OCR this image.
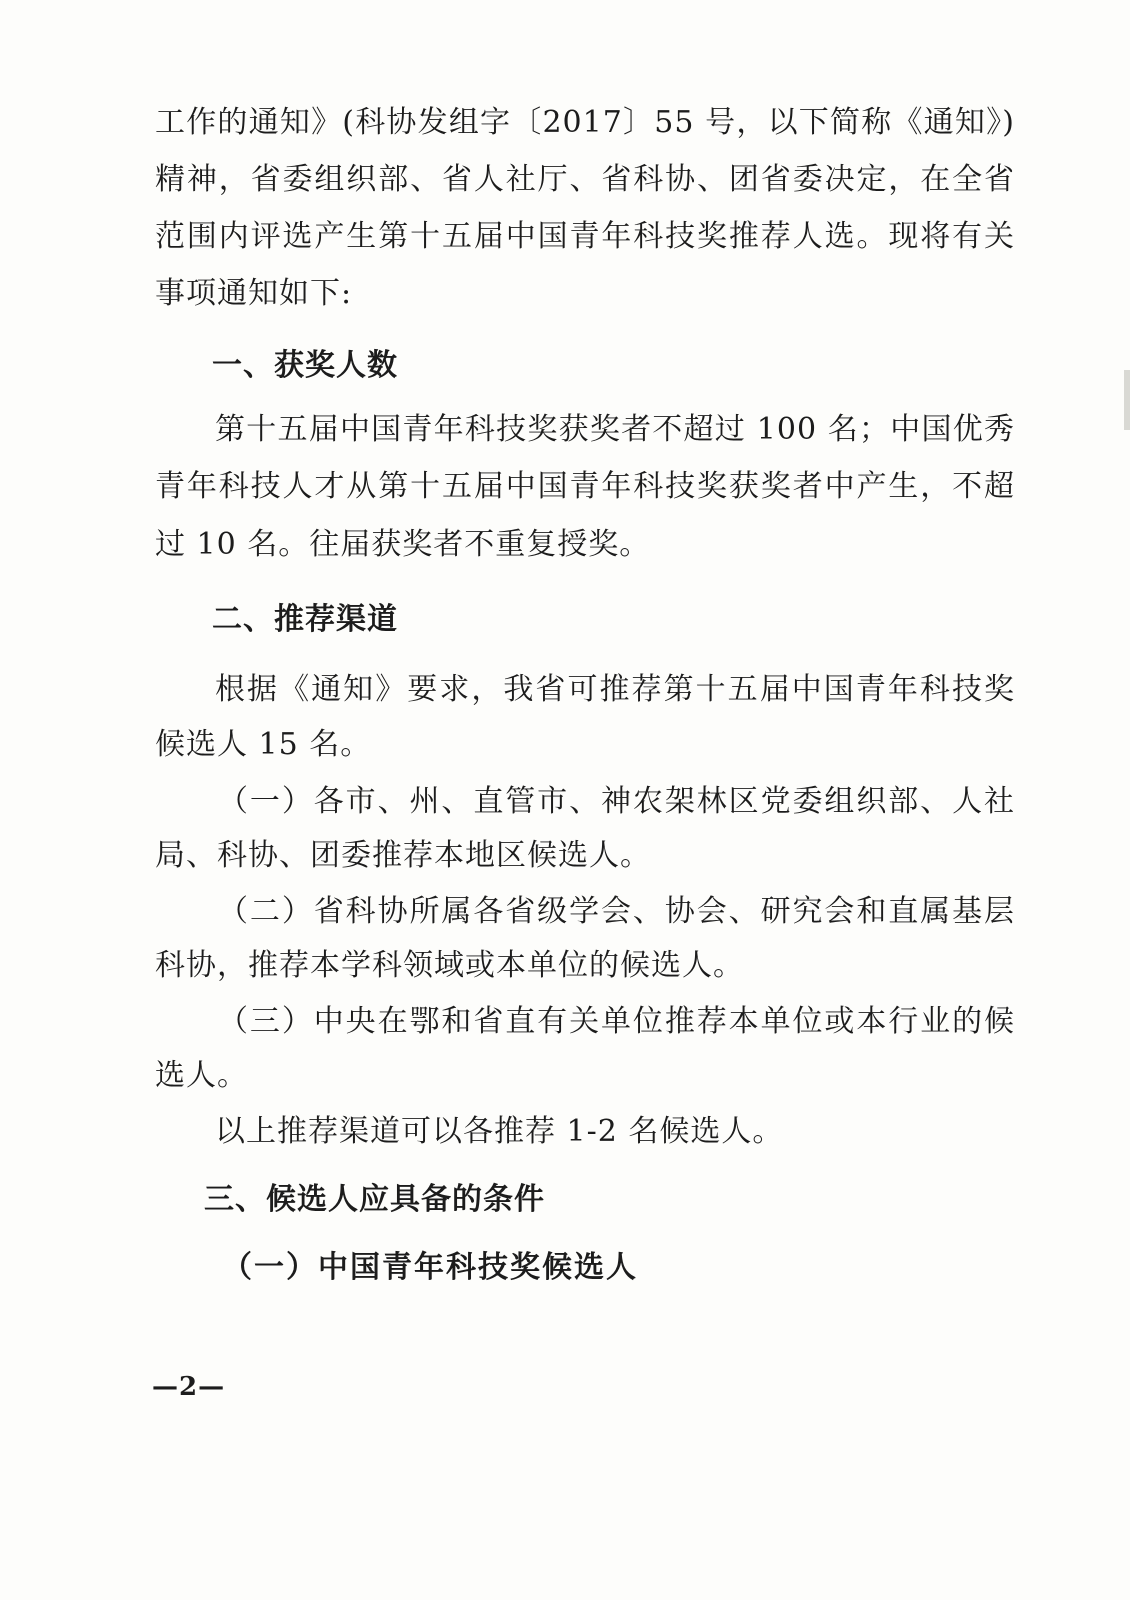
工作的通知》(科协发组字〔2017〕55 号，以下简称《通知》)
精神，省委组织部、省人社厅、省科协、团省委决定，在全省
范围内评选产生第十五届中国青年科技奖推荐人选。现将有关
事项通知如下:
一、获奖人数
第十五届中国青年科技奖获奖者不超过 100 名；中国优秀
青年科技人才从第十五届中国青年科技奖获奖者中产生，不超
过 10 名。往届获奖者不重复授奖。
二、推荐渠道
根据《通知》要求，我省可推荐第十五届中国青年科技奖
候选人 15 名。
（一）各市、州、直管市、神农架林区党委组织部、人社
局、科协、团委推荐本地区候选人。
（二）省科协所属各省级学会、协会、研究会和直属基层
科协，推荐本学科领域或本单位的候选人。
（三）中央在鄂和省直有关单位推荐本单位或本行业的候
选人。
以上推荐渠道可以各推荐 1-2 名候选人。
三、候选人应具备的条件
（一）中国青年科技奖候选人
—2—
